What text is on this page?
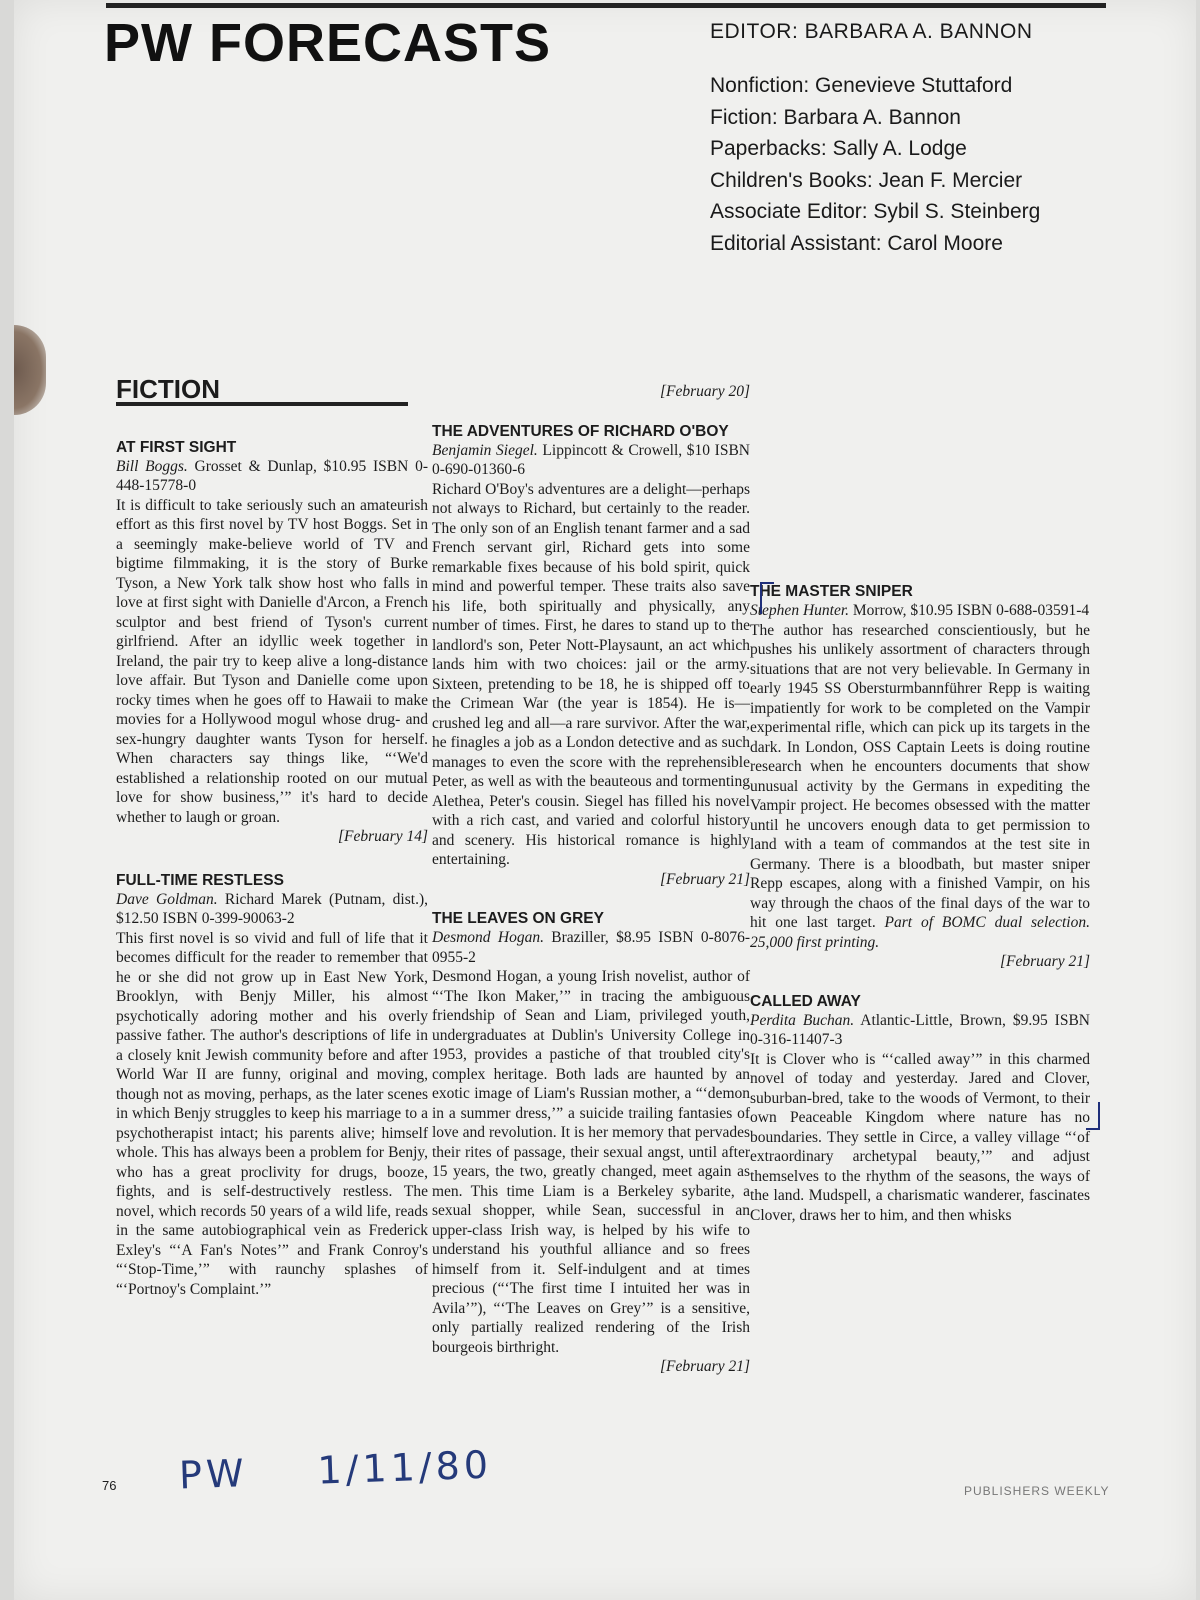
PW FORECASTS	EDITOR: BARBARA A. BANNON

Nonfiction: Genevieve Stuttaford

Fiction: Barbara A. Bannon

Paperbacks: Sally A. Lodge

Children's Books: Jean F. Mercier

Associate Editor: Sybil S. Steinberg

Editorial Assistant: Carol Moore

FICTION
AT FIRST SIGHT

Bill Boggs. Grosset & Dunlap, $10.95 ISBN 0-448-15778-0

It is difficult to take seriously such an amateurish effort as this first novel by TV host Boggs. Set in a seemingly make-believe world of TV and bigtime filmmaking, it is the story of Burke Tyson, a New York talk show host who falls in love at first sight with Danielle d'Arcon, a French sculptor and best friend of Tyson's current girlfriend. After an idyllic week together in Ireland, the pair try to keep alive a long-distance love affair. But Tyson and Danielle come upon rocky times when he goes off to Hawaii to make movies for a Hollywood mogul whose drug- and sex-hungry daughter wants Tyson for herself. When characters say things like, “‘We'd established a relationship rooted on our mutual love for show business,’” it's hard to decide whether to laugh or groan.

[February 14]

FULL-TIME RESTLESS

Dave Goldman. Richard Marek (Putnam, dist.), $12.50 ISBN 0-399-90063-2

This first novel is so vivid and full of life that it becomes difficult for the reader to remember that he or she did not grow up in East New York, Brooklyn, with Benjy Miller, his almost psychotically adoring mother and his overly passive father. The author's descriptions of life in a closely knit Jewish community before and after World War II are funny, original and moving, though not as moving, perhaps, as the later scenes in which Benjy struggles to keep his marriage to a psychotherapist intact; his parents alive; himself whole. This has always been a problem for Benjy, who has a great proclivity for drugs, booze, fights, and is self-destructively restless. The novel, which records 50 years of a wild life, reads in the same autobiographical vein as Frederick Exley's “‘A Fan's Notes’” and Frank Conroy's “‘Stop-Time,’” with raunchy splashes of “‘Portnoy's Complaint.’”

[February 20]

THE ADVENTURES OF RICHARD O'BOY

Benjamin Siegel. Lippincott & Crowell, $10 ISBN 0-690-01360-6

Richard O'Boy's adventures are a delight—perhaps not always to Richard, but certainly to the reader. The only son of an English tenant farmer and a sad French servant girl, Richard gets into some remarkable fixes because of his bold spirit, quick mind and powerful temper. These traits also save his life, both spiritually and physically, any number of times. First, he dares to stand up to the landlord's son, Peter Nott-Playsaunt, an act which lands him with two choices: jail or the army. Sixteen, pretending to be 18, he is shipped off to the Crimean War (the year is 1854). He is—crushed leg and all—a rare survivor. After the war, he finagles a job as a London detective and as such manages to even the score with the reprehensible Peter, as well as with the beauteous and tormenting Alethea, Peter's cousin. Siegel has filled his novel with a rich cast, and varied and colorful history and scenery. His historical romance is highly entertaining.

[February 21]

THE LEAVES ON GREY

Desmond Hogan. Braziller, $8.95 ISBN 0-8076-0955-2

Desmond Hogan, a young Irish novelist, author of “‘The Ikon Maker,’” in tracing the ambiguous friendship of Sean and Liam, privileged youth, undergraduates at Dublin's University College in 1953, provides a pastiche of that troubled city's complex heritage. Both lads are haunted by an exotic image of Liam's Russian mother, a “‘demon in a summer dress,’” a suicide trailing fantasies of love and revolution. It is her memory that pervades their rites of passage, their sexual angst, until after 15 years, the two, greatly changed, meet again as men. This time Liam is a Berkeley sybarite, a sexual shopper, while Sean, successful in an upper-class Irish way, is helped by his wife to understand his youthful alliance and so frees himself from it. Self-indulgent and at times precious (“‘The first time I intuited her was in Avila’”), “‘The Leaves on Grey’” is a sensitive, only partially realized rendering of the Irish bourgeois birthright.

[February 21]

THE MASTER SNIPER

Stephen Hunter. Morrow, $10.95 ISBN 0-688-03591-4

The author has researched conscientiously, but he pushes his unlikely assortment of characters through situations that are not very believable. In Germany in early 1945 SS Obersturmbannführer Repp is waiting impatiently for work to be completed on the Vampir experimental rifle, which can pick up its targets in the dark. In London, OSS Captain Leets is doing routine research when he encounters documents that show unusual activity by the Germans in expediting the Vampir project. He becomes obsessed with the matter until he uncovers enough data to get permission to land with a team of commandos at the test site in Germany. There is a bloodbath, but master sniper Repp escapes, along with a finished Vampir, on his way through the chaos of the final days of the war to hit one last target. Part of BOMC dual selection. 25,000 first printing.

[February 21]

CALLED AWAY

Perdita Buchan. Atlantic-Little, Brown, $9.95 ISBN 0-316-11407-3

It is Clover who is “‘called away’” in this charmed novel of today and yesterday. Jared and Clover, suburban-bred, take to the woods of Vermont, to their own Peaceable Kingdom where nature has no boundaries. They settle in Circe, a valley village “‘of extraordinary archetypal beauty,’” and adjust themselves to the rhythm of the seasons, the ways of the land. Mudspell, a charismatic wanderer, fascinates Clover, draws her to him, and then whisks

76 PW 1/11/80	PUBLISHERS WEEKLY
